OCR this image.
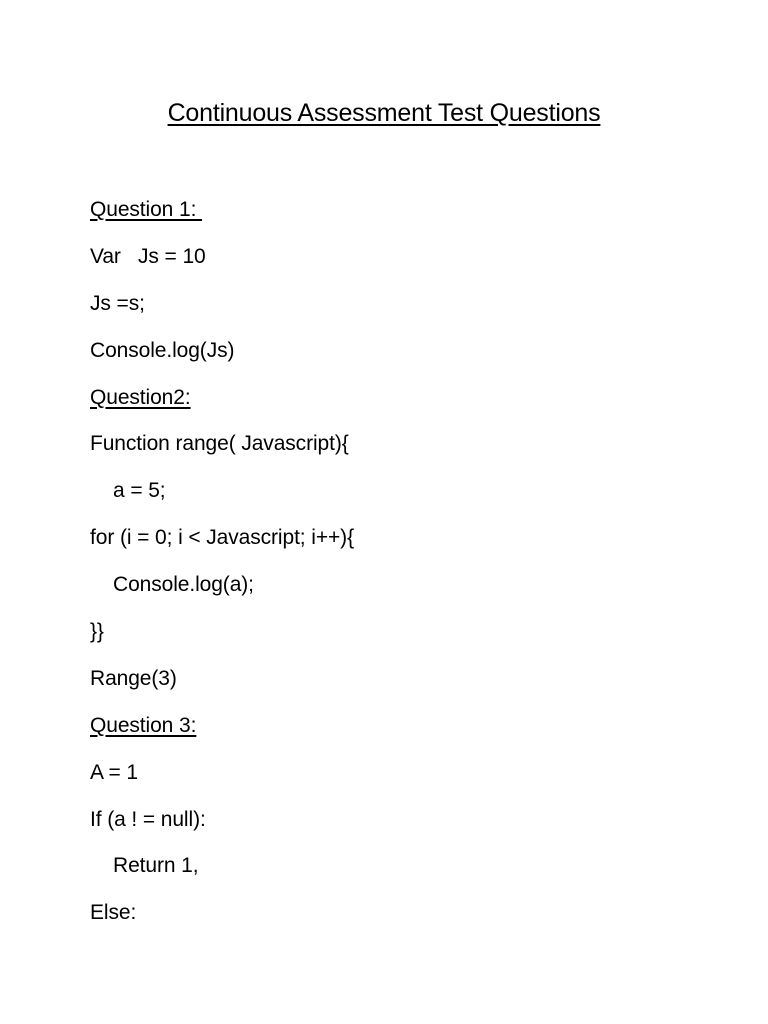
Continuous Assessment Test Questions
Question 1:
Var   Js = 10
Js =s;
Console.log(Js)
Question2:
Function range( Javascript){
a = 5;
for (i = 0; i < Javascript; i++){
Console.log(a);
}}
Range(3)
Question 3:
A = 1
If (a ! = null):
Return 1,
Else:
